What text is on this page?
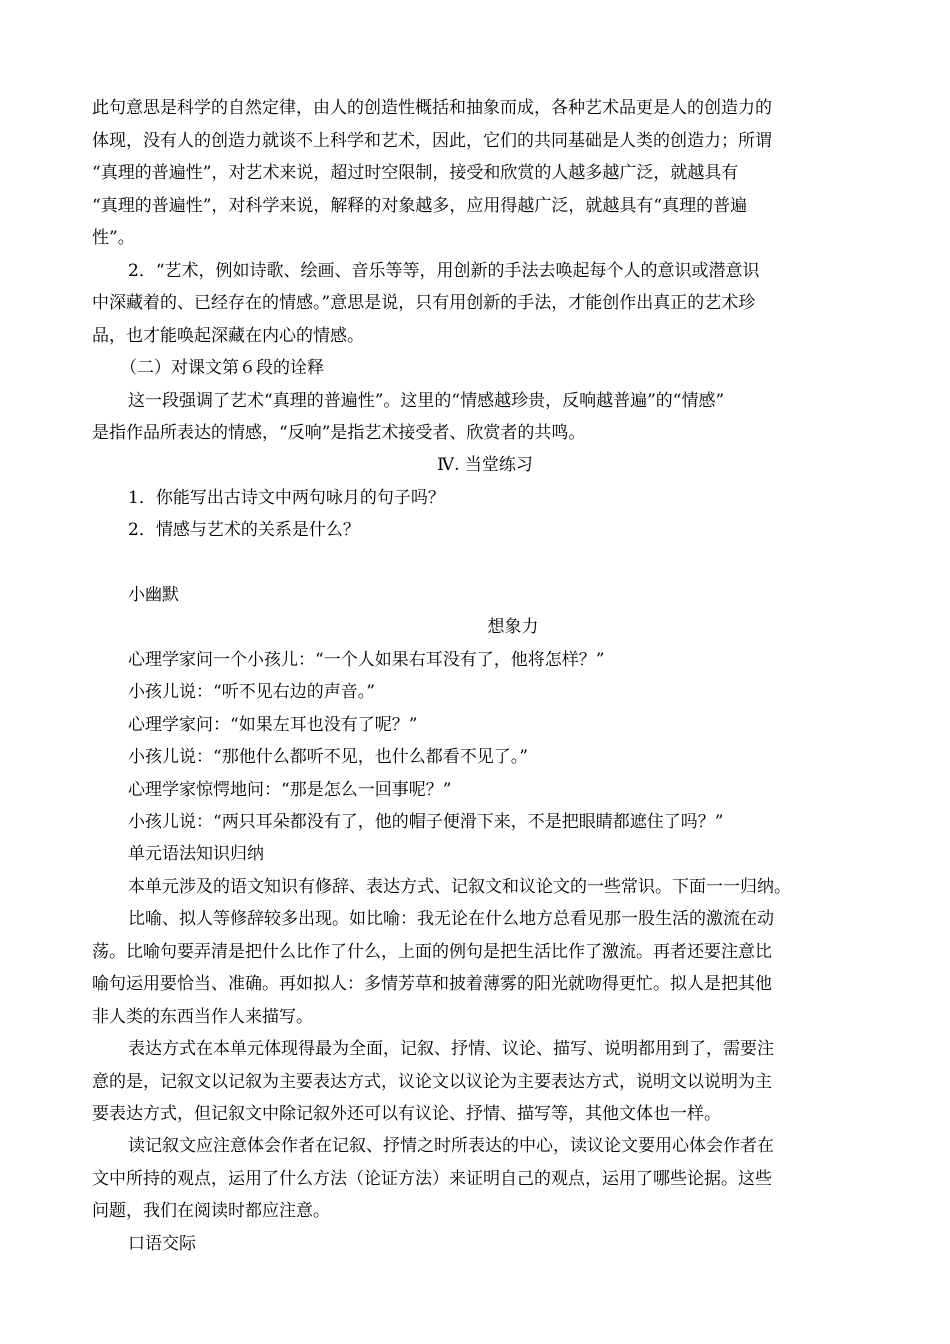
此句意思是科学的自然定律，由人的创造性概括和抽象而成，各种艺术品更是人的创造力的
体现，没有人的创造力就谈不上科学和艺术，因此，它们的共同基础是人类的创造力；所谓
“真理的普遍性”，对艺术来说，超过时空限制，接受和欣赏的人越多越广泛，就越具有
“真理的普遍性”，对科学来说，解释的对象越多，应用得越广泛，就越具有“真理的普遍
性”。
2．“艺术，例如诗歌、绘画、音乐等等，用创新的手法去唤起每个人的意识或潜意识
中深藏着的、已经存在的情感。”意思是说，只有用创新的手法，才能创作出真正的艺术珍
品，也才能唤起深藏在内心的情感。
（二）对课文第６段的诠释
这一段强调了艺术“真理的普遍性”。这里的“情感越珍贵，反响越普遍”的“情感”
是指作品所表达的情感，“反响”是指艺术接受者、欣赏者的共鸣。
Ⅳ. 当堂练习
1．你能写出古诗文中两句咏月的句子吗？
2．情感与艺术的关系是什么？
小幽默
想象力
心理学家问一个小孩儿：“一个人如果右耳没有了，他将怎样？”
小孩儿说：“听不见右边的声音。”
心理学家问：“如果左耳也没有了呢？”
小孩儿说：“那他什么都听不见，也什么都看不见了。”
心理学家惊愕地问：“那是怎么一回事呢？”
小孩儿说：“两只耳朵都没有了，他的帽子便滑下来，不是把眼睛都遮住了吗？”
单元语法知识归纳
本单元涉及的语文知识有修辞、表达方式、记叙文和议论文的一些常识。下面一一归纳。
比喻、拟人等修辞较多出现。如比喻：我无论在什么地方总看见那一股生活的激流在动
荡。比喻句要弄清是把什么比作了什么，上面的例句是把生活比作了激流。再者还要注意比
喻句运用要恰当、准确。再如拟人：多情芳草和披着薄雾的阳光就吻得更忙。拟人是把其他
非人类的东西当作人来描写。
表达方式在本单元体现得最为全面，记叙、抒情、议论、描写、说明都用到了，需要注
意的是，记叙文以记叙为主要表达方式，议论文以议论为主要表达方式，说明文以说明为主
要表达方式，但记叙文中除记叙外还可以有议论、抒情、描写等，其他文体也一样。
读记叙文应注意体会作者在记叙、抒情之时所表达的中心，读议论文要用心体会作者在
文中所持的观点，运用了什么方法（论证方法）来证明自己的观点，运用了哪些论据。这些
问题，我们在阅读时都应注意。
口语交际
